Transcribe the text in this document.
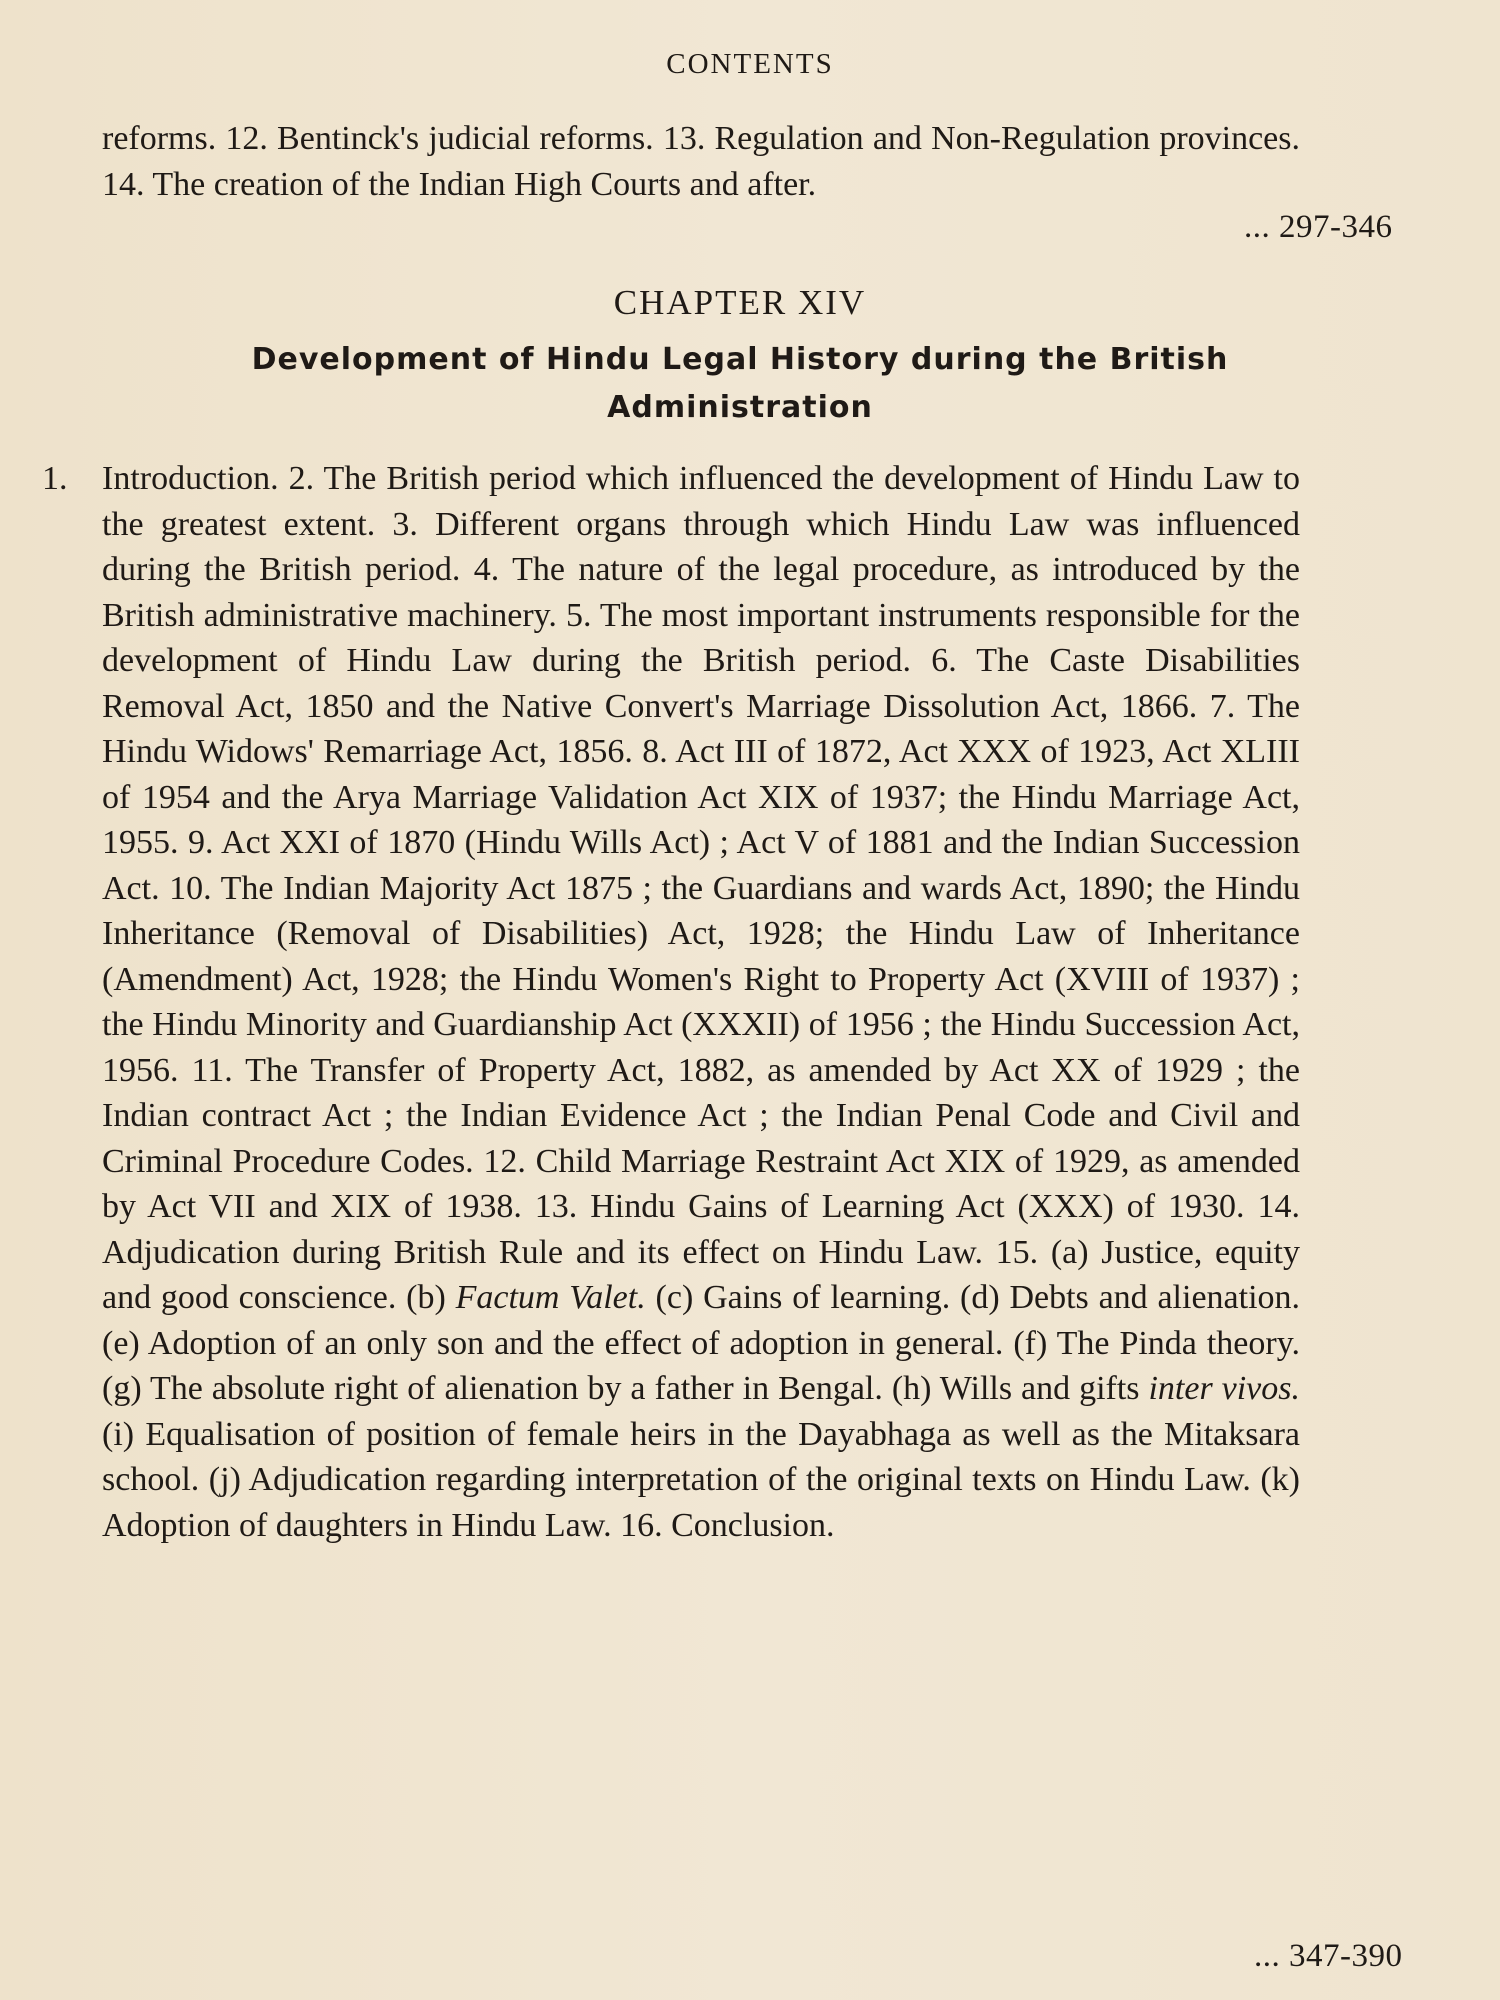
CONTENTS
reforms. 12. Bentinck's judicial reforms. 13. Regulation and Non-Regulation provinces. 14. The creation of the Indian High Courts and after.
... 297-346
CHAPTER XIV
Development of Hindu Legal History during the British Administration
1. Introduction. 2. The British period which influenced the development of Hindu Law to the greatest extent. 3. Different organs through which Hindu Law was influenced during the British period. 4. The nature of the legal procedure, as introduced by the British administrative machinery. 5. The most important instruments responsible for the development of Hindu Law during the British period. 6. The Caste Disabilities Removal Act, 1850 and the Native Convert's Marriage Dissolution Act, 1866. 7. The Hindu Widows' Remarriage Act, 1856. 8. Act III of 1872, Act XXX of 1923, Act XLIII of 1954 and the Arya Marriage Validation Act XIX of 1937; the Hindu Marriage Act, 1955. 9. Act XXI of 1870 (Hindu Wills Act) ; Act V of 1881 and the Indian Succession Act. 10. The Indian Majority Act 1875 ; the Guardians and wards Act, 1890; the Hindu Inheritance (Removal of Disabilities) Act, 1928; the Hindu Law of Inheritance (Amendment) Act, 1928; the Hindu Women's Right to Property Act (XVIII of 1937) ; the Hindu Minority and Guardianship Act (XXXII) of 1956 ; the Hindu Succession Act, 1956. 11. The Transfer of Property Act, 1882, as amended by Act XX of 1929 ; the Indian contract Act ; the Indian Evidence Act ; the Indian Penal Code and Civil and Criminal Procedure Codes. 12. Child Marriage Restraint Act XIX of 1929, as amended by Act VII and XIX of 1938. 13. Hindu Gains of Learning Act (XXX) of 1930. 14. Adjudication during British Rule and its effect on Hindu Law. 15. (a) Justice, equity and good conscience. (b) Factum Valet. (c) Gains of learning. (d) Debts and alienation. (e) Adoption of an only son and the effect of adoption in general. (f) The Pinda theory. (g) The absolute right of alienation by a father in Bengal. (h) Wills and gifts inter vivos. (i) Equalisation of position of female heirs in the Dayabhaga as well as the Mitaksara school. (j) Adjudication regarding interpretation of the original texts on Hindu Law. (k) Adoption of daughters in Hindu Law. 16. Conclusion.
... 347-390
